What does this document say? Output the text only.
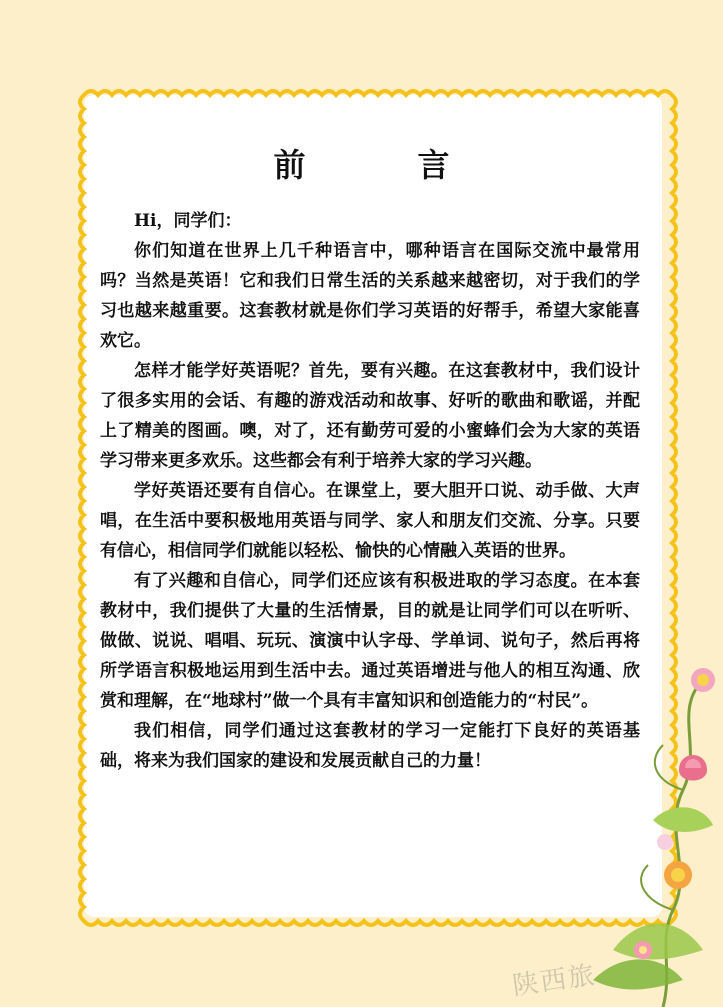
前　言

Hi，同学们：

你们知道在世界上几千种语言中，哪种语言在国际交流中最常用吗？当然是英语！它和我们日常生活的关系越来越密切，对于我们的学习也越来越重要。这套教材就是你们学习英语的好帮手，希望大家能喜欢它。

怎样才能学好英语呢？首先，要有兴趣。在这套教材中，我们设计了很多实用的会话、有趣的游戏活动和故事、好听的歌曲和歌谣，并配上了精美的图画。噢，对了，还有勤劳可爱的小蜜蜂们会为大家的英语学习带来更多欢乐。这些都会有利于培养大家的学习兴趣。

学好英语还要有自信心。在课堂上，要大胆开口说、动手做、大声唱，在生活中要积极地用英语与同学、家人和朋友们交流、分享。只要有信心，相信同学们就能以轻松、愉快的心情融入英语的世界。

有了兴趣和自信心，同学们还应该有积极进取的学习态度。在本套教材中，我们提供了大量的生活情景，目的就是让同学们可以在听听、做做、说说、唱唱、玩玩、演演中认字母、学单词、说句子，然后再将所学语言积极地运用到生活中去。通过英语增进与他人的相互沟通、欣赏和理解，在“地球村”做一个具有丰富知识和创造能力的“村民”。

我们相信，同学们通过这套教材的学习一定能打下良好的英语基础，将来为我们国家的建设和发展贡献自己的力量！

陕西旅
